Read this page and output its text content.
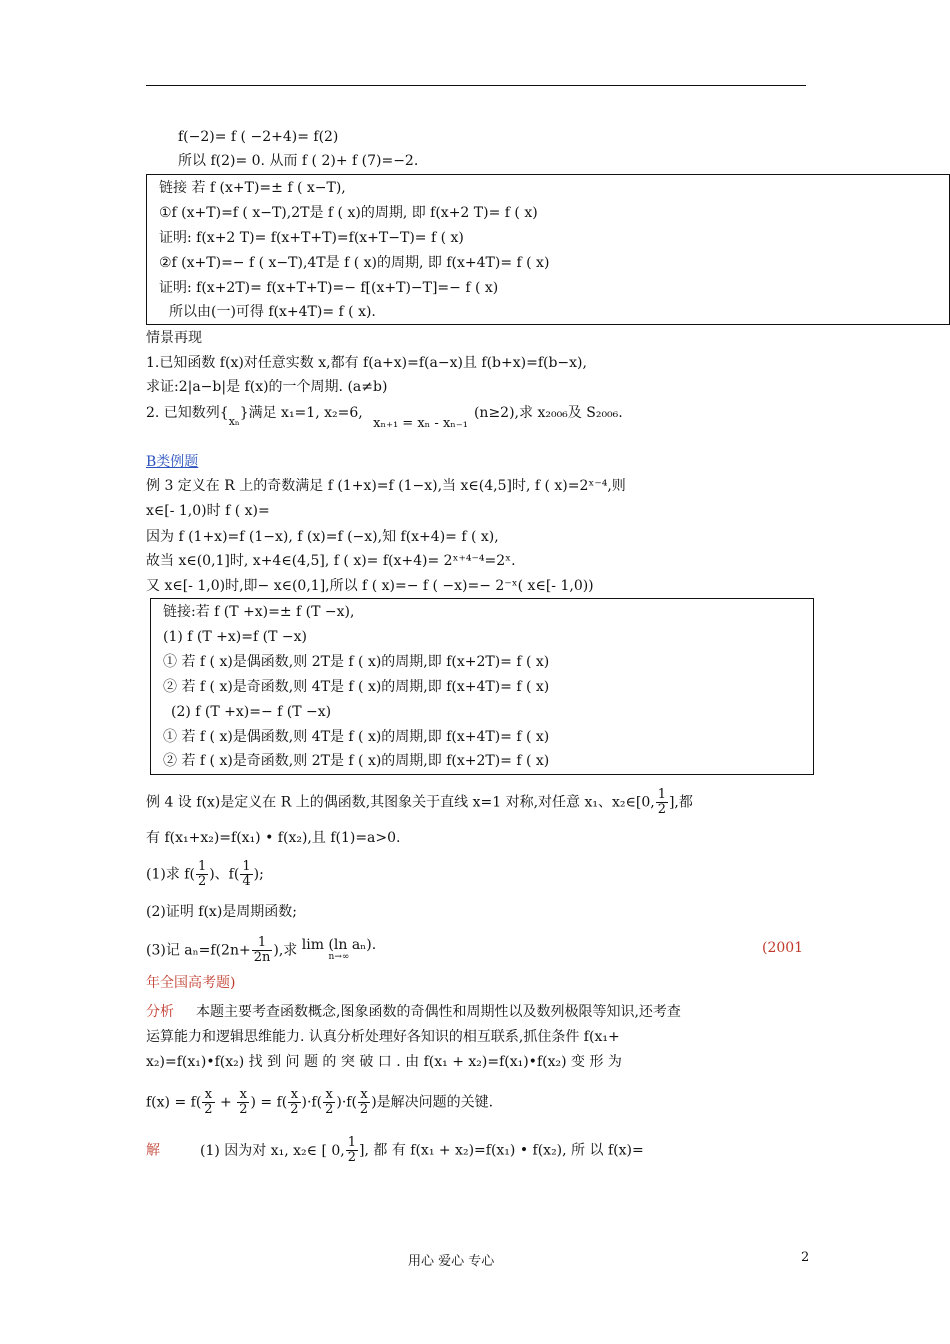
f(−2)= f ( −2+4)= f(2)
所以 f(2)= 0. 从而 f ( 2)+ f (7)=−2.
链接 若 f (x+T)=± f ( x−T),
①f (x+T)=f ( x−T),2T是 f ( x)的周期, 即 f(x+2 T)= f ( x)
证明: f(x+2 T)= f(x+T+T)=f(x+T−T)= f ( x)
②f (x+T)=− f ( x−T),4T是 f ( x)的周期, 即 f(x+4T)= f ( x)
证明: f(x+2T)= f(x+T+T)=− f[(x+T)−T]=− f ( x)
所以由(一)可得 f(x+4T)= f ( x).
情景再现
1.已知函数 f(x)对任意实数 x,都有 f(a+x)=f(a−x)且 f(b+x)=f(b−x),
求证:2|a−b|是 f(x)的一个周期. (a≠b)
2. 已知数列$\{_{x_n}\}$满足 x₁=1, x₂=6, xₙ₊₁ = xₙ - xₙ₋₁(n≥2),求 x₂₀₀₆及 S₂₀₀₆.
B类例题
例 3 定义在 R 上的奇数满足 f (1+x)=f (1−x),当 x∈(4,5]时, f ( x)=2ˣ⁻⁴,则
x∈[- 1,0)时 f ( x)=
因为 f (1+x)=f (1−x), f (x)=f (−x),知 f(x+4)= f ( x),
故当 x∈(0,1]时, x+4∈(4,5], f ( x)= f(x+4)= 2ˣ⁺⁴⁻⁴=2ˣ.
又 x∈[- 1,0)时,即− x∈(0,1],所以 f ( x)=− f ( −x)=− 2⁻ˣ( x∈[- 1,0))
链接:若 f (T +x)=± f (T −x),
(1) f (T +x)=f (T −x)
① 若 f ( x)是偶函数,则 2T是 f ( x)的周期,即 f(x+2T)= f ( x)
② 若 f ( x)是奇函数,则 4T是 f ( x)的周期,即 f(x+4T)= f ( x)
(2) f (T +x)=− f (T −x)
① 若 f ( x)是偶函数,则 4T是 f ( x)的周期,即 f(x+4T)= f ( x)
② 若 f ( x)是奇函数,则 2T是 f ( x)的周期,即 f(x+2T)= f ( x)
例 4 设 f(x)是定义在 R 上的偶函数,其图象关于直线 x=1 对称,对任意 x₁、x₂∈[0, $\frac{1}{2}$ ],都
有 f(x₁+x₂)=f(x₁) • f(x₂),且 f(1)=a>0.
(1)求 $f( \frac{1}{2}$ )、$f( \frac{1}{4}$ );
(2)证明 f(x)是周期函数;
(3)记 $a_n=f(2n+ \frac{1}{2n}$ ),求 lim (ln aₙ).
n→∞
(2001
年全国高考题)
分析 本题主要考查函数概念,图象函数的奇偶性和周期性以及数列极限等知识,还考查
运算能力和逻辑思维能力. 认真分析处理好各知识的相互联系,抓住条件 f(x₁+
x₂)=f(x₁)•f(x₂) 找 到 问 题 的 突 破 口 . 由 f(x₁ + x₂)=f(x₁)•f(x₂) 变 形 为
$f(x) = f( \frac{x}{2} + \frac{x}{2}$ ) = $f( \frac{x}{2} )\cdot f( \frac{x}{2} )\cdot f( \frac{x}{2}$ )是解决问题的关键.
解	(1) 因为对 x₁, x₂∈ [ 0, $\frac{1}{2}$ ], 都 有 f(x₁ + x₂)=f(x₁) • f(x₂), 所 以 f(x)=
用心 爱心 专心	2
